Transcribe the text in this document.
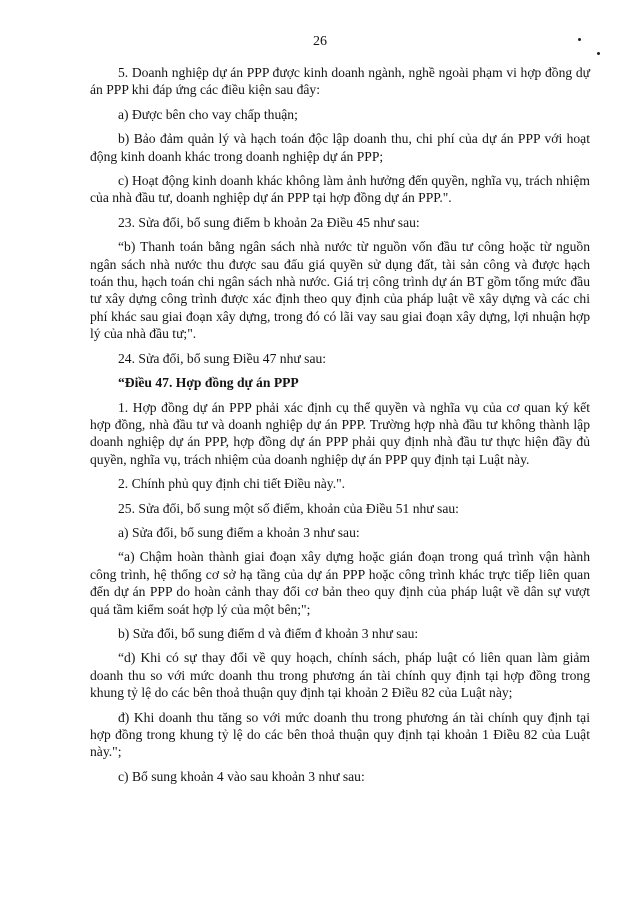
26

5. Doanh nghiệp dự án PPP được kinh doanh ngành, nghề ngoài phạm vi hợp đồng dự án PPP khi đáp ứng các điều kiện sau đây:

a) Được bên cho vay chấp thuận;

b) Bảo đảm quản lý và hạch toán độc lập doanh thu, chi phí của dự án PPP với hoạt động kinh doanh khác trong doanh nghiệp dự án PPP;

c) Hoạt động kinh doanh khác không làm ảnh hưởng đến quyền, nghĩa vụ, trách nhiệm của nhà đầu tư, doanh nghiệp dự án PPP tại hợp đồng dự án PPP.".

23. Sửa đổi, bổ sung điểm b khoản 2a Điều 45 như sau:

“b) Thanh toán bằng ngân sách nhà nước từ nguồn vốn đầu tư công hoặc từ nguồn ngân sách nhà nước thu được sau đấu giá quyền sử dụng đất, tài sản công và được hạch toán thu, hạch toán chi ngân sách nhà nước. Giá trị công trình dự án BT gồm tổng mức đầu tư xây dựng công trình được xác định theo quy định của pháp luật về xây dựng và các chi phí khác sau giai đoạn xây dựng, trong đó có lãi vay sau giai đoạn xây dựng, lợi nhuận hợp lý của nhà đầu tư;".

24. Sửa đổi, bổ sung Điều 47 như sau:

“Điều 47. Hợp đồng dự án PPP

1. Hợp đồng dự án PPP phải xác định cụ thể quyền và nghĩa vụ của cơ quan ký kết hợp đồng, nhà đầu tư và doanh nghiệp dự án PPP. Trường hợp nhà đầu tư không thành lập doanh nghiệp dự án PPP, hợp đồng dự án PPP phải quy định nhà đầu tư thực hiện đầy đủ quyền, nghĩa vụ, trách nhiệm của doanh nghiệp dự án PPP quy định tại Luật này.

2. Chính phủ quy định chi tiết Điều này.".

25. Sửa đổi, bổ sung một số điểm, khoản của Điều 51 như sau:

a) Sửa đổi, bổ sung điểm a khoản 3 như sau:

“a) Chậm hoàn thành giai đoạn xây dựng hoặc gián đoạn trong quá trình vận hành công trình, hệ thống cơ sở hạ tầng của dự án PPP hoặc công trình khác trực tiếp liên quan đến dự án PPP do hoàn cảnh thay đổi cơ bản theo quy định của pháp luật về dân sự vượt quá tầm kiểm soát hợp lý của một bên;";

b) Sửa đổi, bổ sung điểm d và điểm đ khoản 3 như sau:

“d) Khi có sự thay đổi về quy hoạch, chính sách, pháp luật có liên quan làm giảm doanh thu so với mức doanh thu trong phương án tài chính quy định tại hợp đồng trong khung tỷ lệ do các bên thoả thuận quy định tại khoản 2 Điều 82 của Luật này;

đ) Khi doanh thu tăng so với mức doanh thu trong phương án tài chính quy định tại hợp đồng trong khung tỷ lệ do các bên thoả thuận quy định tại khoản 1 Điều 82 của Luật này.";

c) Bổ sung khoản 4 vào sau khoản 3 như sau:
